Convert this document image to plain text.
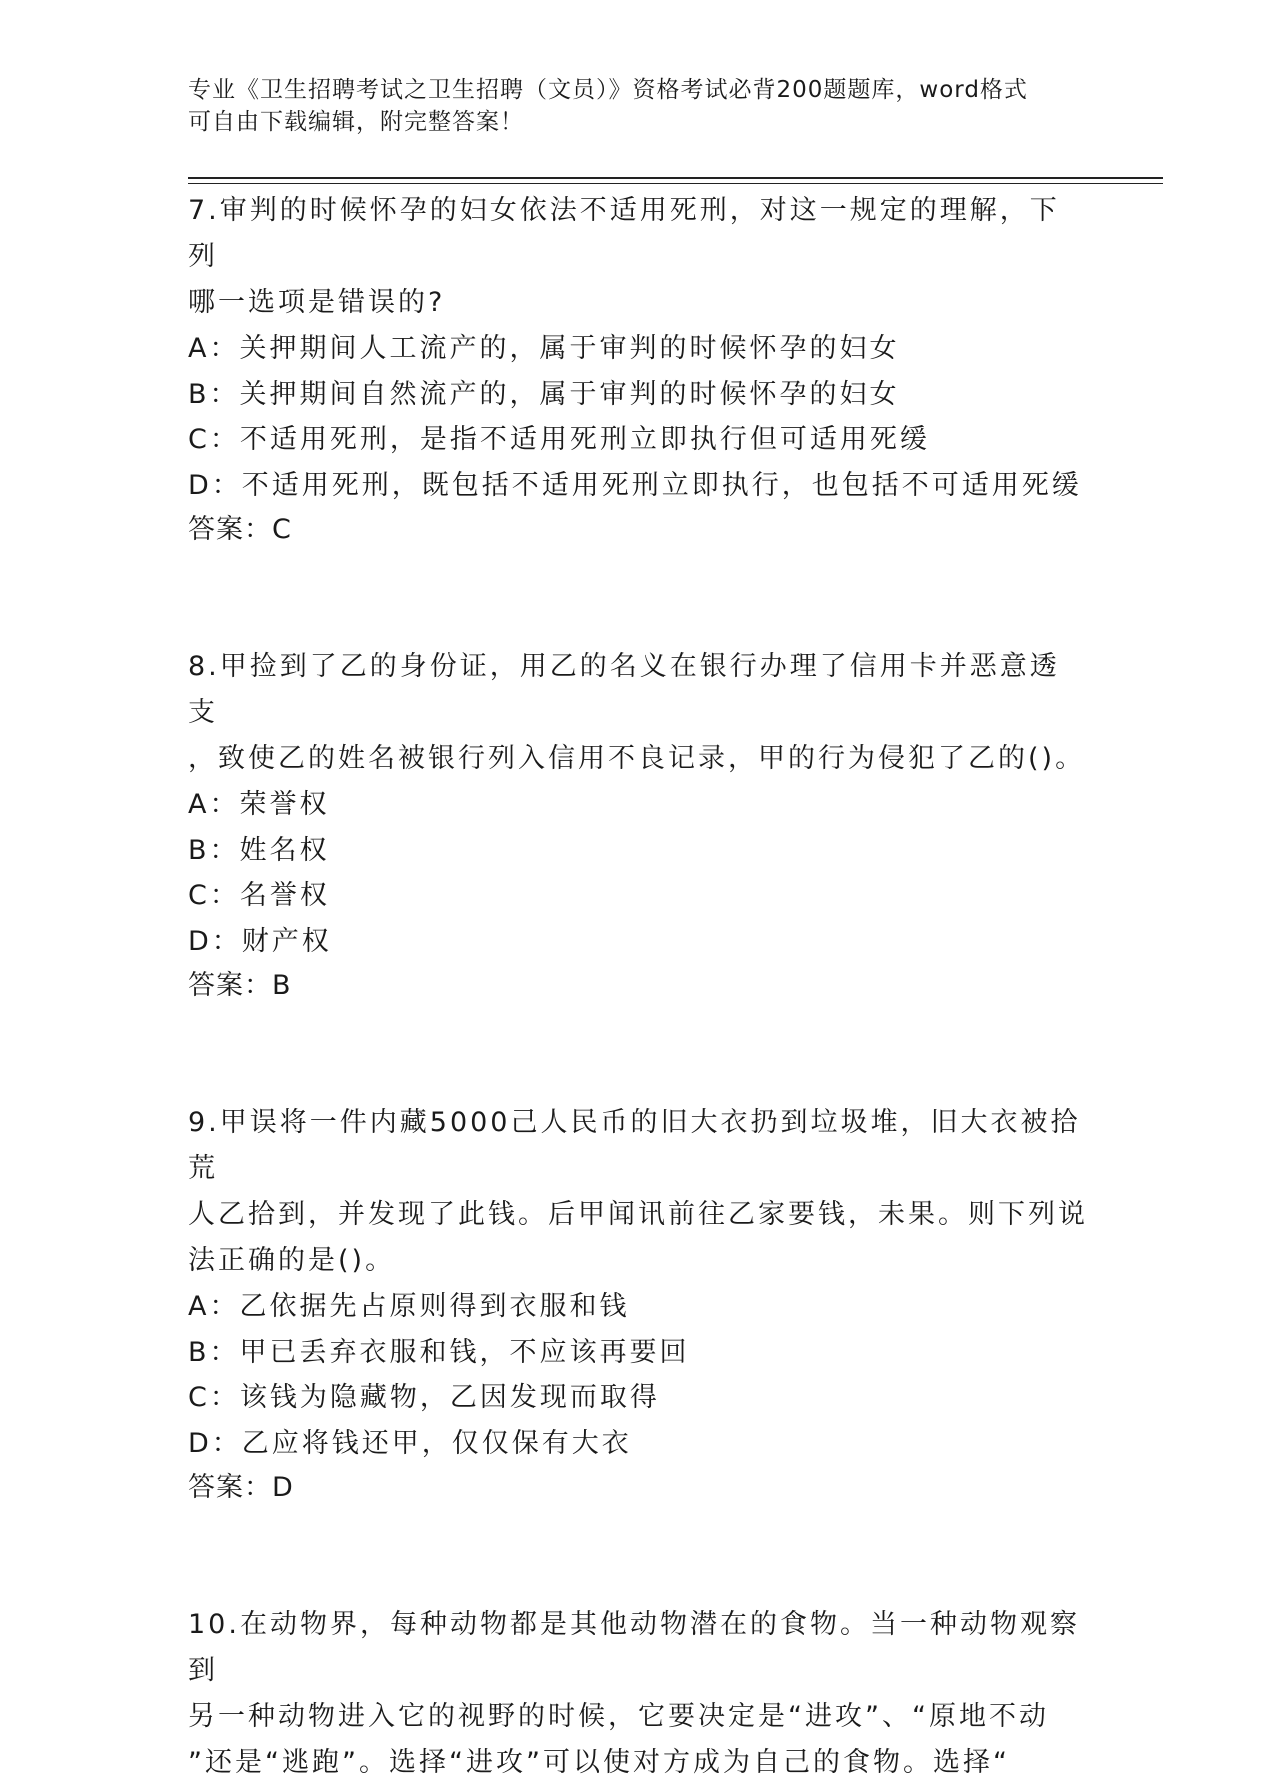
专业《卫生招聘考试之卫生招聘（文员）》资格考试必背200题题库，word格式
可自由下载编辑，附完整答案！
7.审判的时候怀孕的妇女依法不适用死刑，对这一规定的理解，下列
哪一选项是错误的?
A：关押期间人工流产的，属于审判的时候怀孕的妇女
B：关押期间自然流产的，属于审判的时候怀孕的妇女
C：不适用死刑，是指不适用死刑立即执行但可适用死缓
D：不适用死刑，既包括不适用死刑立即执行，也包括不可适用死缓
答案：C
8.甲捡到了乙的身份证，用乙的名义在银行办理了信用卡并恶意透支
，致使乙的姓名被银行列入信用不良记录，甲的行为侵犯了乙的()。
A：荣誉权
B：姓名权
C：名誉权
D：财产权
答案：B
9.甲误将一件内藏5000己人民币的旧大衣扔到垃圾堆，旧大衣被拾荒
人乙拾到，并发现了此钱。后甲闻讯前往乙家要钱，未果。则下列说
法正确的是()。
A：乙依据先占原则得到衣服和钱
B：甲已丢弃衣服和钱，不应该再要回
C：该钱为隐藏物，乙因发现而取得
D：乙应将钱还甲，仅仅保有大衣
答案：D
10.在动物界，每种动物都是其他动物潜在的食物。当一种动物观察到
另一种动物进入它的视野的时候，它要决定是“进攻”、“原地不动
”还是“逃跑”。选择“进攻”可以使对方成为自己的食物。选择“
